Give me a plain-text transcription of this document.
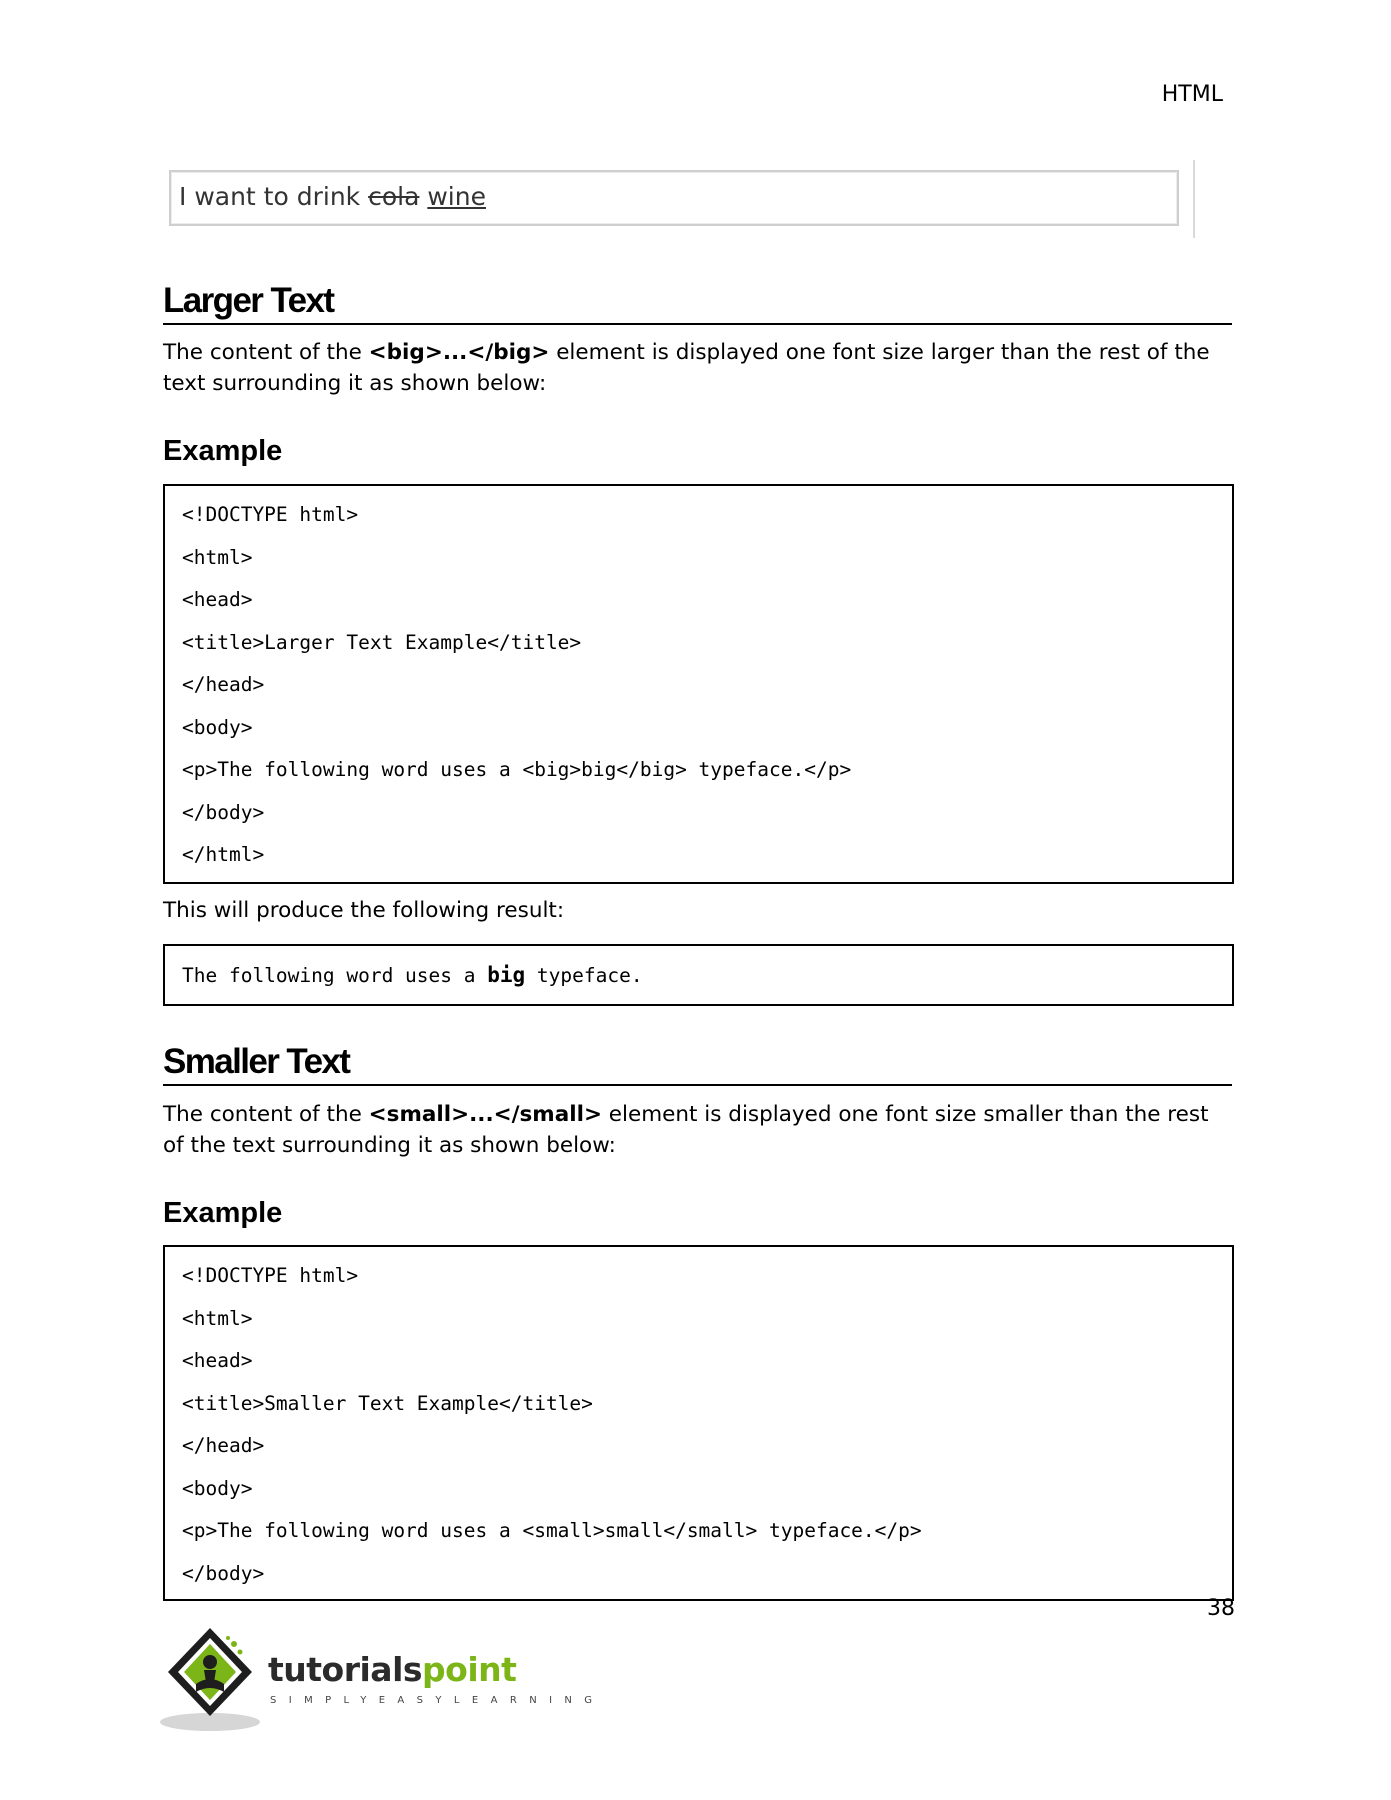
HTML
I want to drink cola wine
Larger Text
The content of the <big>...</big> element is displayed one font size larger than the rest of the text surrounding it as shown below:
Example
<!DOCTYPE html>
<html>
<head>
<title>Larger Text Example</title>
</head>
<body>
<p>The following word uses a <big>big</big> typeface.</p>
</body>
</html>
This will produce the following result:
The following word uses a big typeface.
Smaller Text
The content of the <small>...</small> element is displayed one font size smaller than the rest of the text surrounding it as shown below:
Example
<!DOCTYPE html>
<html>
<head>
<title>Smaller Text Example</title>
</head>
<body>
<p>The following word uses a <small>small</small> typeface.</p>
</body>
38
tutorialspoint
SIMPLYEASYLEARNING
